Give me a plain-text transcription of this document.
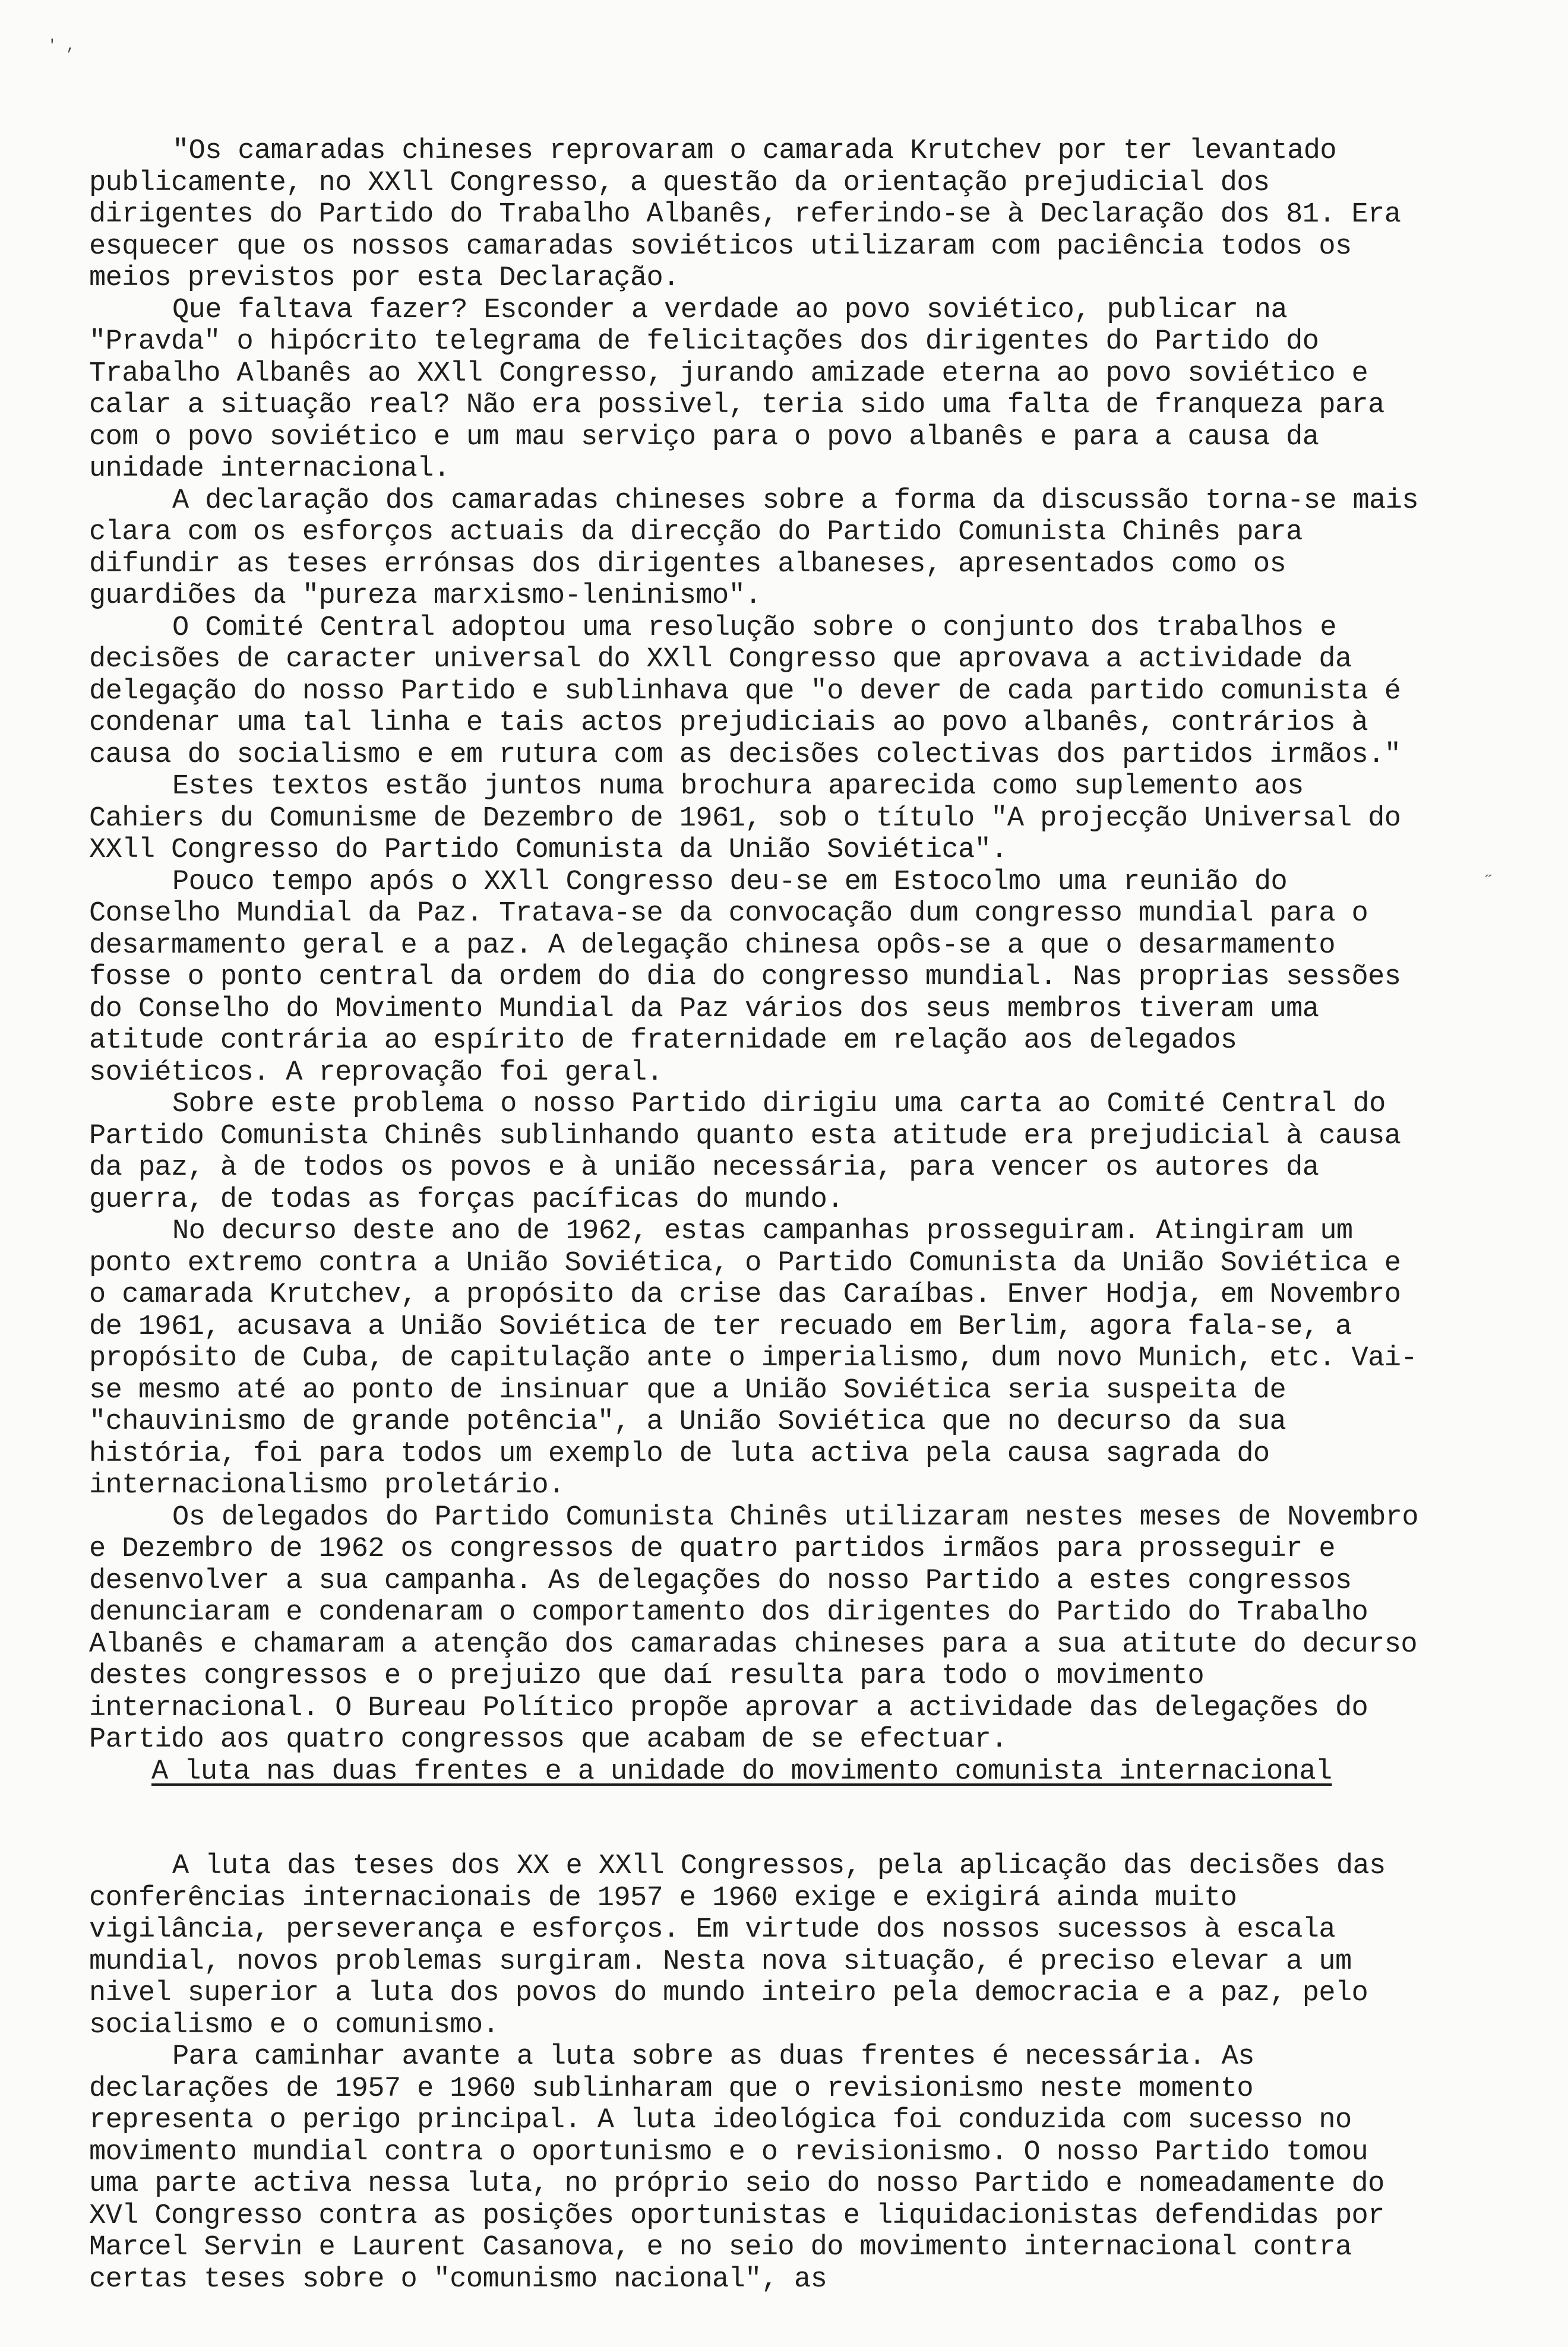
' ,

"Os camaradas chineses reprovaram o camarada Krutchev por ter levantado publicamente, no XXll Congresso, a questão da orientação prejudicial dos dirigentes do Partido do Trabalho Albanês, referindo-se à Declaração dos 81. Era esquecer que os nossos camaradas soviéticos utilizaram com paciência todos os meios previstos por esta Declaração.

Que faltava fazer? Esconder a verdade ao povo soviético, publicar na "Pravda" o hipócrito telegrama de felicitações dos dirigentes do Partido do Trabalho Albanês ao XXll Congresso, jurando amizade eterna ao povo soviético e calar a situação real? Não era possivel, teria sido uma falta de franqueza para com o povo soviético e um mau serviço para o povo albanês e para a causa da unidade internacional.

A declaração dos camaradas chineses sobre a forma da discussão torna-se mais clara com os esforços actuais da direcção do Partido Comunista Chinês para difundir as teses errónsas dos dirigentes albaneses, apresentados como os guardiões da "pureza marxismo-leninismo".

O Comité Central adoptou uma resolução sobre o conjunto dos trabalhos e decisões de caracter universal do XXll Congresso que aprovava a actividade da delegação do nosso Partido e sublinhava que "o dever de cada partido comunista é condenar uma tal linha e tais actos prejudiciais ao povo albanês, contrários à causa do socialismo e em rutura com as decisões colectivas dos partidos irmãos."

Estes textos estão juntos numa brochura aparecida como suplemento aos Cahiers du Comunisme de Dezembro de 1961, sob o título "A projecção Universal do XXll Congresso do Partido Comunista da União Soviética".

Pouco tempo após o XXll Congresso deu-se em Estocolmo uma reunião do Conselho Mundial da Paz. Tratava-se da convocação dum congresso mundial para o desarmamento geral e a paz. A delegação chinesa opôs-se a que o desarmamento fosse o ponto central da ordem do dia do congresso mundial. Nas proprias sessões do Conselho do Movimento Mundial da Paz vários dos seus membros tiveram uma atitude contrária ao espírito de fraternidade em relação aos delegados soviéticos. A reprovação foi geral.

Sobre este problema o nosso Partido dirigiu uma carta ao Comité Central do Partido Comunista Chinês sublinhando quanto esta atitude era prejudicial à causa da paz, à de todos os povos e à união necessária, para vencer os autores da guerra, de todas as forças pacíficas do mundo.

No decurso deste ano de 1962, estas campanhas prosseguiram. Atingiram um ponto extremo contra a União Soviética, o Partido Comunista da União Soviética e o camarada Krutchev, a propósito da crise das Caraíbas. Enver Hodja, em Novembro de 1961, acusava a União Soviética de ter recuado em Berlim, agora fala-se, a propósito de Cuba, de capitulação ante o imperialismo, dum novo Munich, etc. Vai-se mesmo até ao ponto de insinuar que a União Soviética seria suspeita de "chauvinismo de grande potência", a União Soviética que no decurso da sua história, foi para todos um exemplo de luta activa pela causa sagrada do internacionalismo proletário.

Os delegados do Partido Comunista Chinês utilizaram nestes meses de Novembro e Dezembro de 1962 os congressos de quatro partidos irmãos para prosseguir e desenvolver a sua campanha. As delegações do nosso Partido a estes congressos denunciaram e condenaram o comportamento dos dirigentes do Partido do Trabalho Albanês e chamaram a atenção dos camaradas chineses para a sua atitute do decurso destes congressos e o prejuizo que daí resulta para todo o movimento internacional. O Bureau Político propõe aprovar a actividade das delegações do Partido aos quatro congressos que acabam de se efectuar.

A luta nas duas frentes e a unidade do movimento comunista internacional

A luta das teses dos XX e XXll Congressos, pela aplicação das decisões das conferências internacionais de 1957 e 1960 exige e exigirá ainda muito vigilância, perseverança e esforços. Em virtude dos nossos sucessos à escala mundial, novos problemas surgiram. Nesta nova situação, é preciso elevar a um nivel superior a luta dos povos do mundo inteiro pela democracia e a paz, pelo socialismo e o comunismo.

Para caminhar avante a luta sobre as duas frentes é necessária. As declarações de 1957 e 1960 sublinharam que o revisionismo neste momento representa o perigo principal. A luta ideológica foi conduzida com sucesso no movimento mundial contra o oportunismo e o revisionismo. O nosso Partido tomou uma parte activa nessa luta, no próprio seio do nosso Partido e nomeadamente do XVl Congresso contra as posições oportunistas e liquidacionistas defendidas por Marcel Servin e Laurent Casanova, e no seio do movimento internacional contra certas teses sobre o "comunismo nacional", as

˝
